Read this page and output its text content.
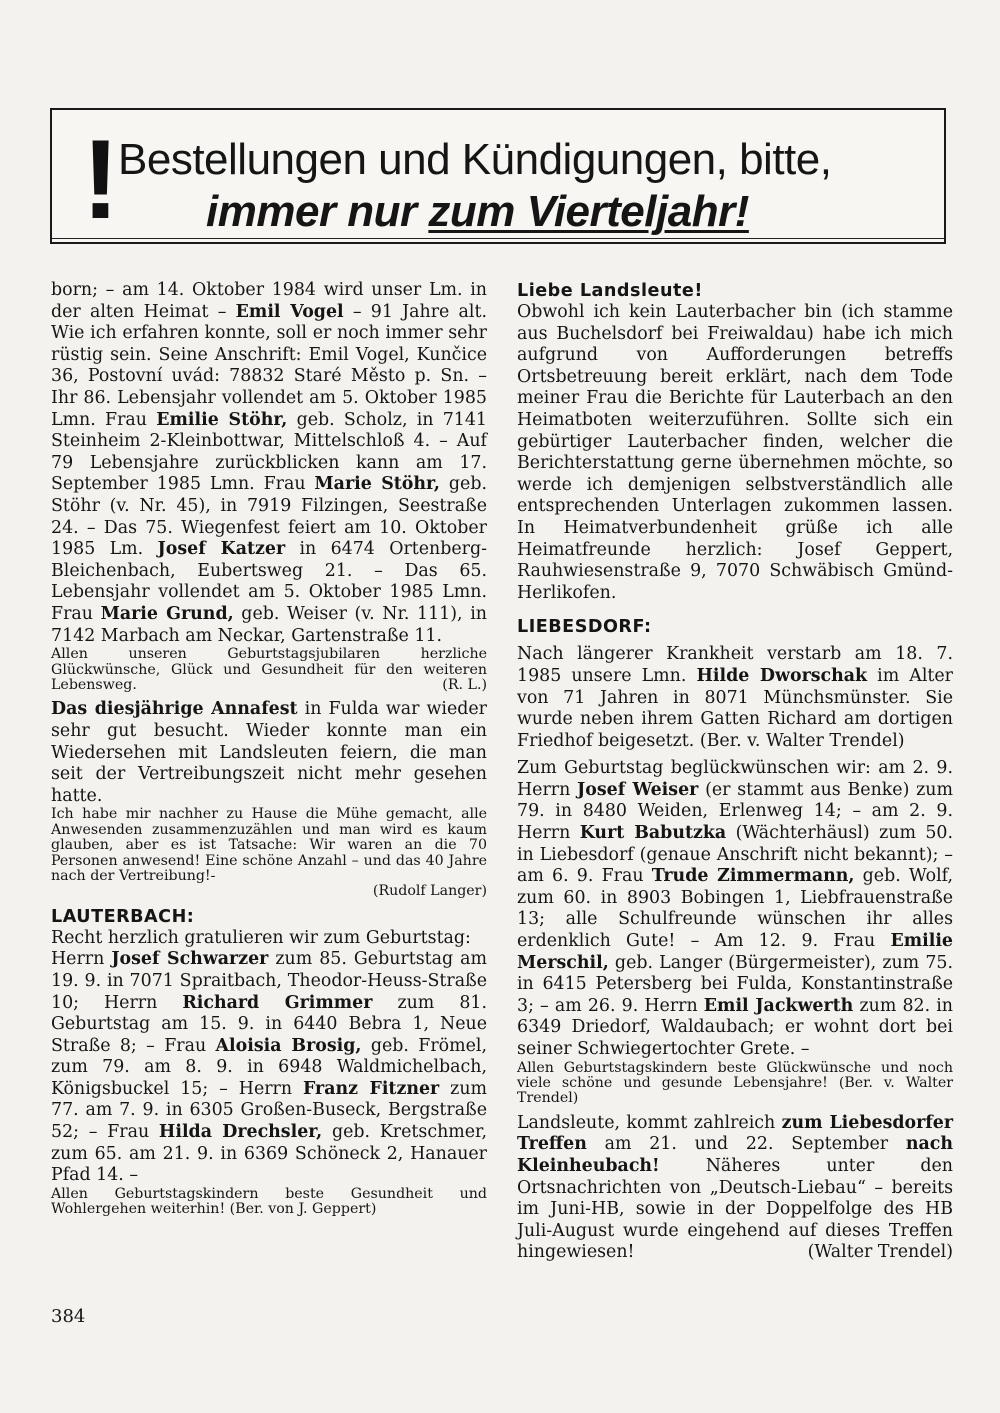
!
Bestellungen und Kündigungen, bitte,
immer nur zum Vierteljahr!

born; – am 14. Oktober 1984 wird unser Lm. in der alten Heimat – Emil Vogel – 91 Jahre alt. Wie ich erfahren konnte, soll er noch immer sehr rüstig sein. Seine Anschrift: Emil Vogel, Kunčice 36, Postovní uvád: 78832 Staré Město p. Sn. – Ihr 86. Lebensjahr vollendet am 5. Oktober 1985 Lmn. Frau Emilie Stöhr, geb. Scholz, in 7141 Steinheim 2-Kleinbottwar, Mittelschloß 4. – Auf 79 Lebensjahre zurückblicken kann am 17. September 1985 Lmn. Frau Marie Stöhr, geb. Stöhr (v. Nr. 45), in 7919 Filzingen, Seestraße 24. – Das 75. Wiegenfest feiert am 10. Oktober 1985 Lm. Josef Katzer in 6474 Ortenberg-Bleichenbach, Eubertsweg 21. – Das 65. Lebensjahr vollendet am 5. Oktober 1985 Lmn. Frau Marie Grund, geb. Weiser (v. Nr. 111), in 7142 Marbach am Neckar, Gartenstraße 11.

Allen unseren Geburtstagsjubilaren herzliche Glückwünsche, Glück und Gesundheit für den weiteren Lebensweg.	(R. L.)

Das diesjährige Annafest in Fulda war wieder sehr gut besucht. Wieder konnte man ein Wiedersehen mit Landsleuten feiern, die man seit der Vertreibungszeit nicht mehr gesehen hatte.

Ich habe mir nachher zu Hause die Mühe gemacht, alle Anwesenden zusammenzuzählen und man wird es kaum glauben, aber es ist Tatsache: Wir waren an die 70 Personen anwesend! Eine schöne Anzahl – und das 40 Jahre nach der Vertreibung!-

(Rudolf Langer)

LAUTERBACH:

Recht herzlich gratulieren wir zum Geburtstag:

Herrn Josef Schwarzer zum 85. Geburtstag am 19. 9. in 7071 Spraitbach, Theodor-Heuss-Straße 10; Herrn Richard Grimmer zum 81. Geburtstag am 15. 9. in 6440 Bebra 1, Neue Straße 8; – Frau Aloisia Brosig, geb. Frömel, zum 79. am 8. 9. in 6948 Waldmichelbach, Königsbuckel 15; – Herrn Franz Fitzner zum 77. am 7. 9. in 6305 Großen-Buseck, Bergstraße 52; – Frau Hilda Drechsler, geb. Kretschmer, zum 65. am 21. 9. in 6369 Schöneck 2, Hanauer Pfad 14. –

Allen Geburtstagskindern beste Gesundheit und Wohlergehen weiterhin! (Ber. von J. Geppert)

Liebe Landsleute!

Obwohl ich kein Lauterbacher bin (ich stamme aus Buchelsdorf bei Freiwaldau) habe ich mich aufgrund von Aufforderungen betreffs Ortsbetreuung bereit erklärt, nach dem Tode meiner Frau die Berichte für Lauterbach an den Heimatboten weiterzuführen. Sollte sich ein gebürtiger Lauterbacher finden, welcher die Berichterstattung gerne übernehmen möchte, so werde ich demjenigen selbstverständlich alle entsprechenden Unterlagen zukommen lassen. In Heimatverbundenheit grüße ich alle Heimatfreunde herzlich: Josef Geppert, Rauhwiesenstraße 9, 7070 Schwäbisch Gmünd-Herlikofen.

LIEBESDORF:

Nach längerer Krankheit verstarb am 18. 7. 1985 unsere Lmn. Hilde Dworschak im Alter von 71 Jahren in 8071 Münchsmünster. Sie wurde neben ihrem Gatten Richard am dortigen Friedhof beigesetzt. (Ber. v. Walter Trendel)

Zum Geburtstag beglückwünschen wir: am 2. 9. Herrn Josef Weiser (er stammt aus Benke) zum 79. in 8480 Weiden, Erlenweg 14; – am 2. 9. Herrn Kurt Babutzka (Wächterhäusl) zum 50. in Liebesdorf (genaue Anschrift nicht bekannt); – am 6. 9. Frau Trude Zimmermann, geb. Wolf, zum 60. in 8903 Bobingen 1, Liebfrauenstraße 13; alle Schulfreunde wünschen ihr alles erdenklich Gute! – Am 12. 9. Frau Emilie Merschil, geb. Langer (Bürgermeister), zum 75. in 6415 Petersberg bei Fulda, Konstantinstraße 3; – am 26. 9. Herrn Emil Jackwerth zum 82. in 6349 Driedorf, Waldaubach; er wohnt dort bei seiner Schwiegertochter Grete. –

Allen Geburtstagskindern beste Glückwünsche und noch viele schöne und gesunde Lebensjahre! (Ber. v. Walter Trendel)

Landsleute, kommt zahlreich zum Liebesdorfer Treffen am 21. und 22. September nach Kleinheubach! Näheres unter den Ortsnachrichten von „Deutsch-Liebau“ – bereits im Juni-HB, sowie in der Doppelfolge des HB Juli-August wurde eingehend auf dieses Treffen hingewiesen!	(Walter Trendel)

384
